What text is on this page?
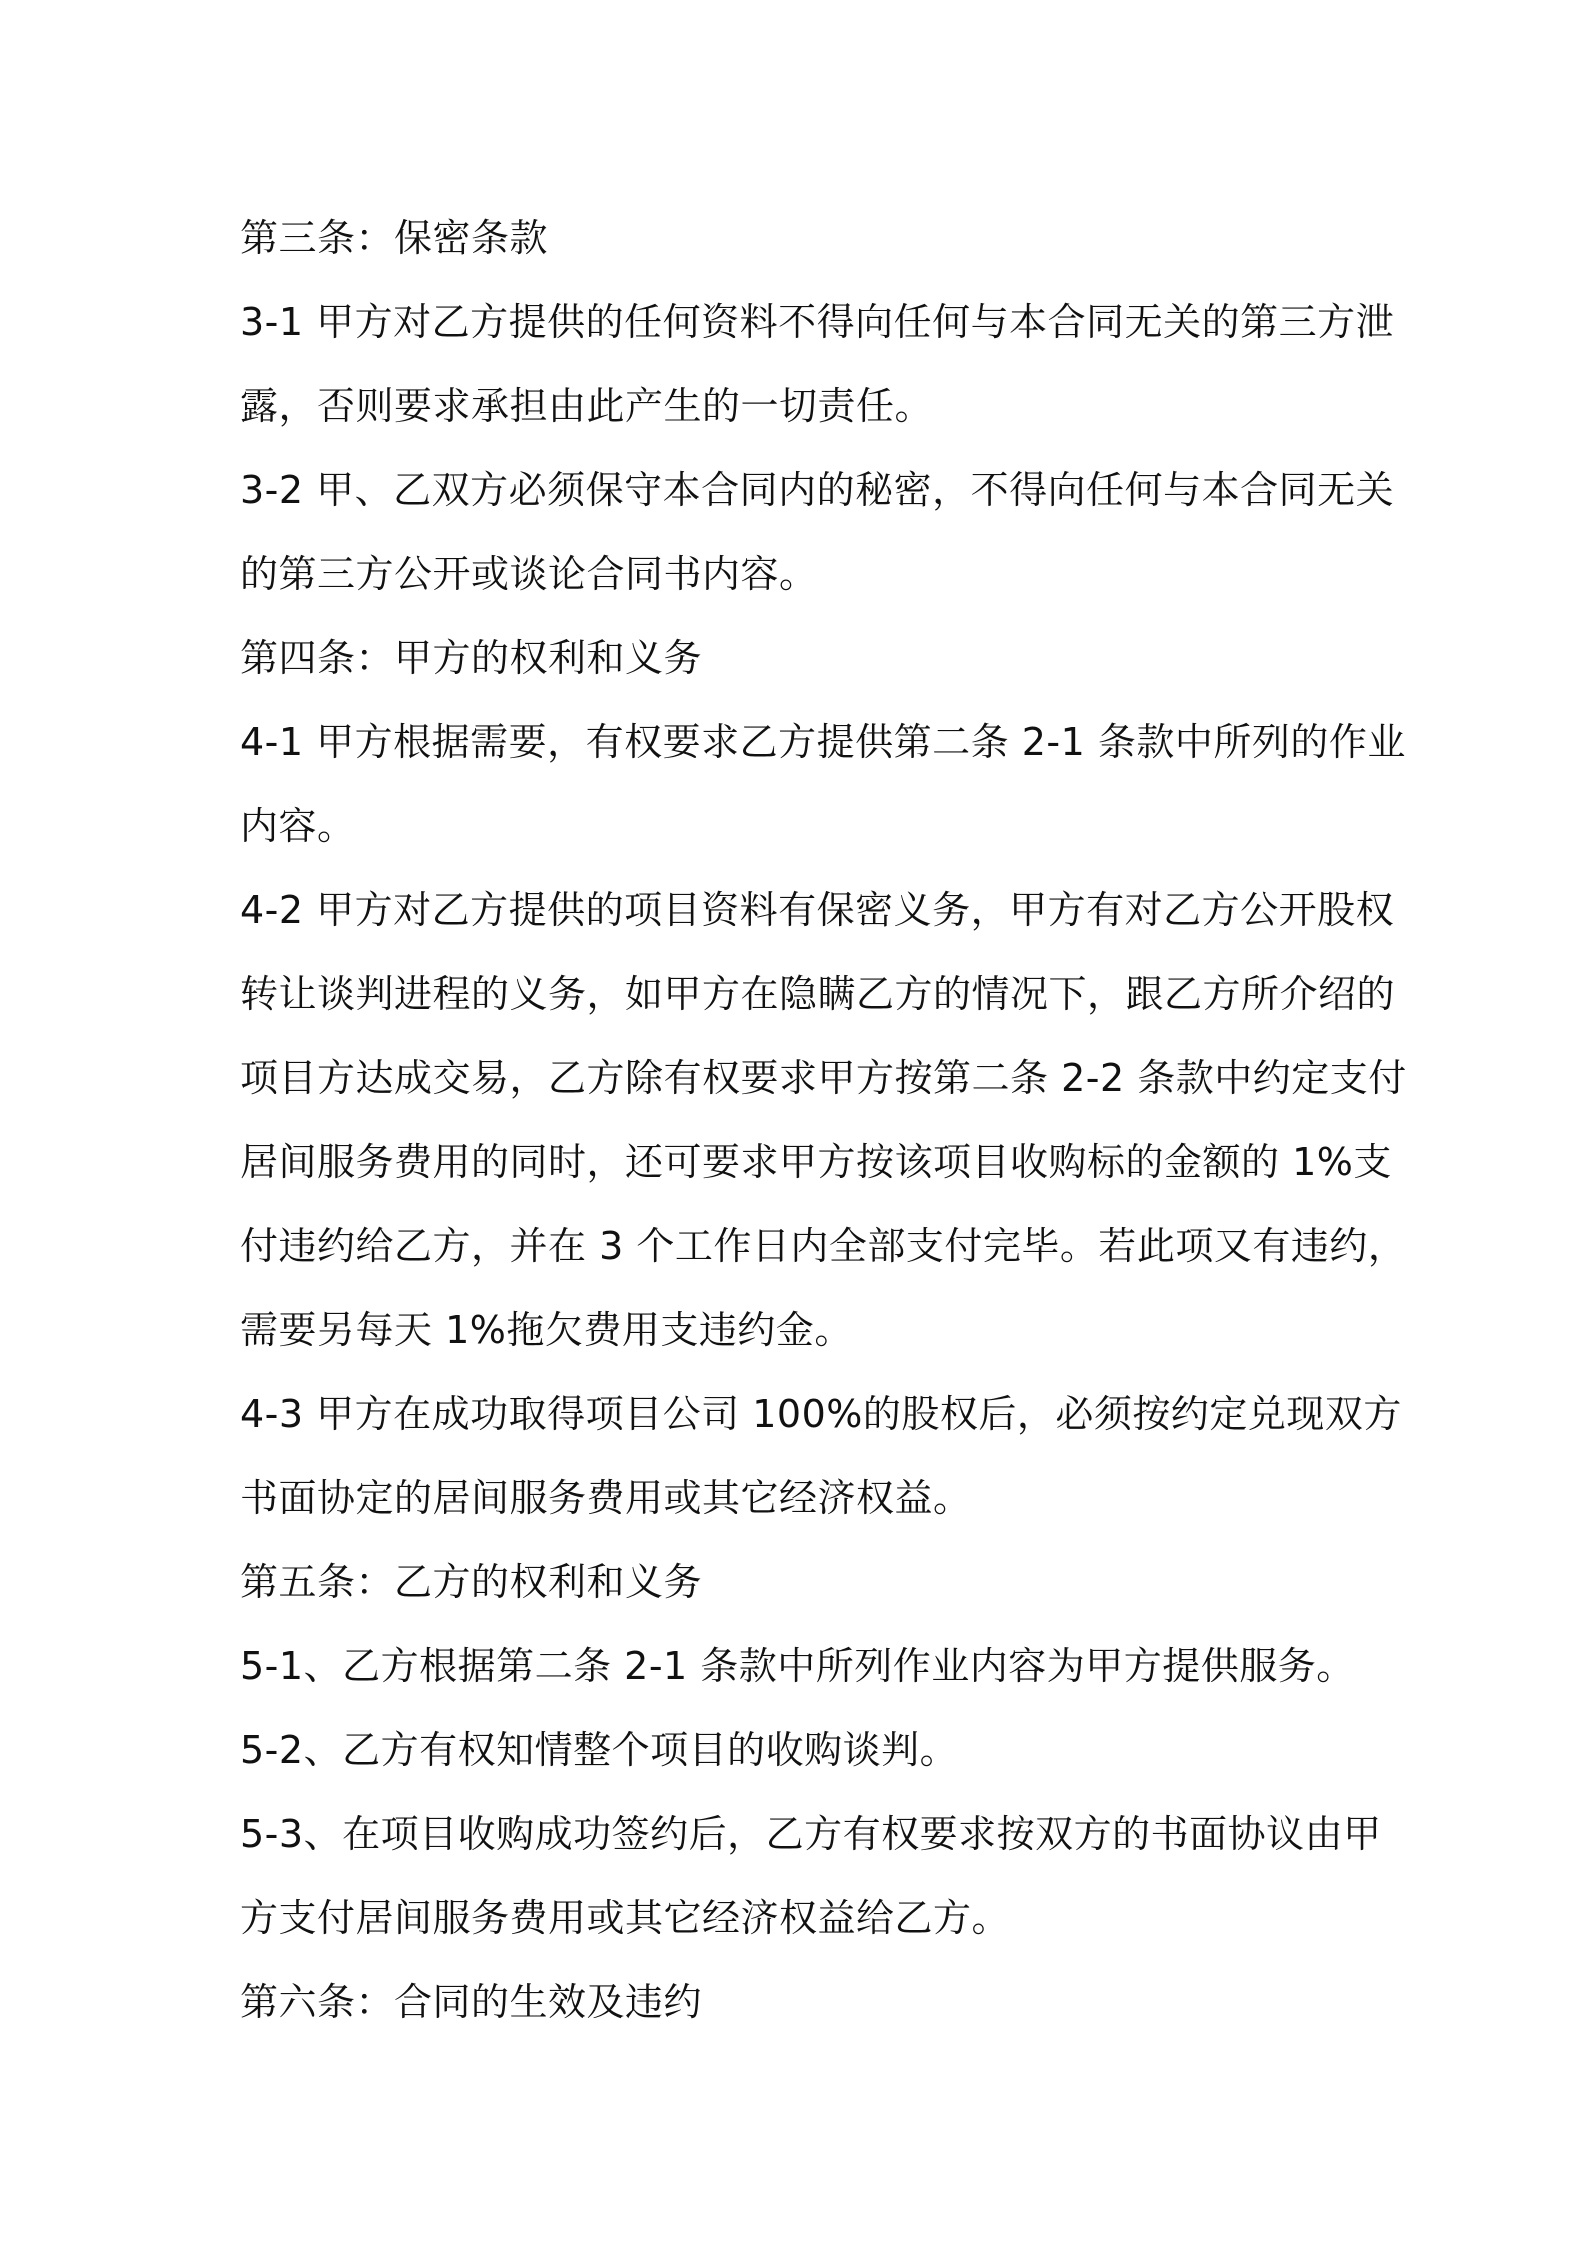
第三条：保密条款

3-1 甲方对乙方提供的任何资料不得向任何与本合同无关的第三方泄

露，否则要求承担由此产生的一切责任。

3-2 甲、乙双方必须保守本合同内的秘密，不得向任何与本合同无关

的第三方公开或谈论合同书内容。

第四条：甲方的权利和义务

4-1 甲方根据需要，有权要求乙方提供第二条 2-1 条款中所列的作业

内容。

4-2 甲方对乙方提供的项目资料有保密义务，甲方有对乙方公开股权

转让谈判进程的义务，如甲方在隐瞒乙方的情况下，跟乙方所介绍的

项目方达成交易，乙方除有权要求甲方按第二条 2-2 条款中约定支付

居间服务费用的同时，还可要求甲方按该项目收购标的金额的 1%支

付违约给乙方，并在 3 个工作日内全部支付完毕。若此项又有违约，

需要另每天 1%拖欠费用支违约金。

4-3 甲方在成功取得项目公司 100%的股权后，必须按约定兑现双方

书面协定的居间服务费用或其它经济权益。

第五条：乙方的权利和义务

5-1、乙方根据第二条 2-1 条款中所列作业内容为甲方提供服务。

5-2、乙方有权知情整个项目的收购谈判。

5-3、在项目收购成功签约后，乙方有权要求按双方的书面协议由甲

方支付居间服务费用或其它经济权益给乙方。

第六条：合同的生效及违约
